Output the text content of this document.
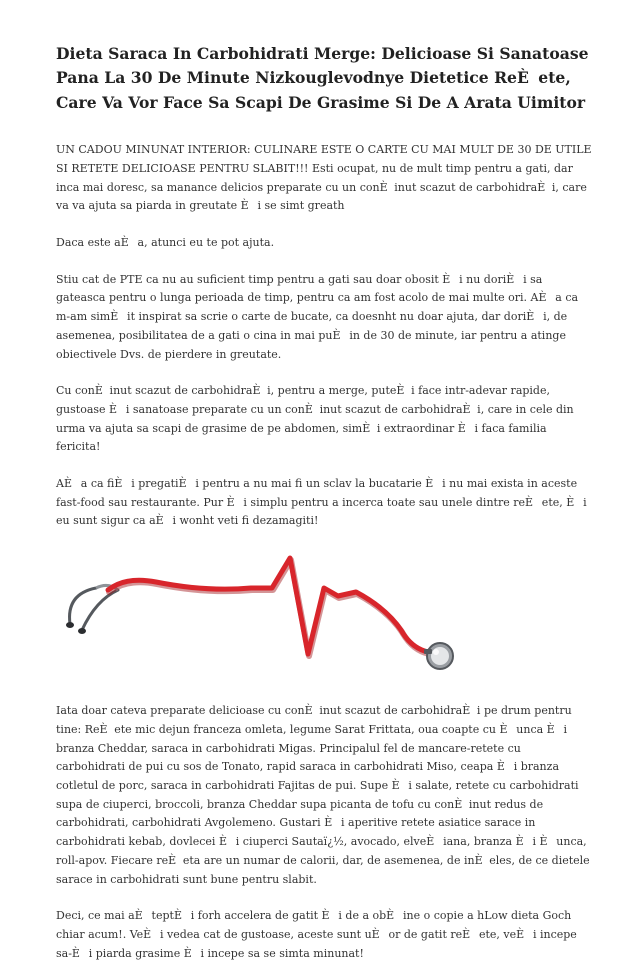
Dieta Saraca In Carbohidrati Merge: Delicioase Si Sanatoase Pana La 30 De Minute Nizkouglevodnye Dietetice ReÈete, Care Va Vor Face Sa Scapi De Grasime Si De A Arata Uimitor

UN CADOU MINUNAT INTERIOR: CULINARE ESTE O CARTE CU MAI MULT DE 30 DE UTILE SI RETETE DELICIOASE PENTRU SLABIT!!! Esti ocupat, nu de mult timp pentru a gati, dar inca mai doresc, sa manance delicios preparate cu un conÈinut scazut de carbohidraÈi, care va va ajuta sa piarda in greutate Èi se simt greath

Daca este aÈa, atunci eu te pot ajuta.

Stiu cat de PTE ca nu au suficient timp pentru a gati sau doar obosit Èi nu doriÈi sa gateasca pentru o lunga perioada de timp, pentru ca am fost acolo de mai multe ori. AÈa ca m-am simÈit inspirat sa scrie o carte de bucate, ca doesnht nu doar ajuta, dar doriÈi, de asemenea, posibilitatea de a gati o cina in mai puÈin de 30 de minute, iar pentru a atinge obiectivele Dvs. de pierdere in greutate.

Cu conÈinut scazut de carbohidraÈi, pentru a merge, puteÈi face intr-adevar rapide, gustoase Èi sanatoase preparate cu un conÈinut scazut de carbohidraÈi, care in cele din urma va ajuta sa scapi de grasime de pe abdomen, simÈi extraordinar Èi faca familia fericita!

AÈa ca fiÈi pregatiÈi pentru a nu mai fi un sclav la bucatarie Èi nu mai exista in aceste fast-food sau restaurante. Pur Èi simplu pentru a incerca toate sau unele dintre reÈete, Èi eu sunt sigur ca aÈi wonht veti fi dezamagiti!

Iata doar cateva preparate delicioase cu conÈinut scazut de carbohidraÈi pe drum pentru tine: ReÈete mic dejun franceza omleta, legume Sarat Frittata, oua coapte cu Èunca Èi branza Cheddar, saraca in carbohidrati Migas. Principalul fel de mancare-retete cu carbohidrati de pui cu sos de Tonato, rapid saraca in carbohidrati Miso, ceapa Èi branza cotletul de porc, saraca in carbohidrati Fajitas de pui. Supe Èi salate, retete cu carbohidrati supa de ciuperci, broccoli, branza Cheddar supa picanta de tofu cu conÈinut redus de carbohidrati, carbohidrati Avgolemeno. Gustari Èi aperitive retete asiatice sarace in carbohidrati kebab, dovlecei Èi ciuperci Sautaï¿½, avocado, elveÈiana, branza Èi Èunca, roll-apov. Fiecare reÈeta are un numar de calorii, dar, de asemenea, de inÈeles, de ce dietele sarace in carbohidrati sunt bune pentru slabit.

Deci, ce mai aÈteptÈi forh accelera de gatit Èi de a obÈine o copie a hLow dieta Goch chiar acum!. VeÈi vedea cat de gustoase, aceste sunt uÈor de gatit reÈete, veÈi incepe sa-Èi piarda grasime Èi incepe sa se simta minunat!
